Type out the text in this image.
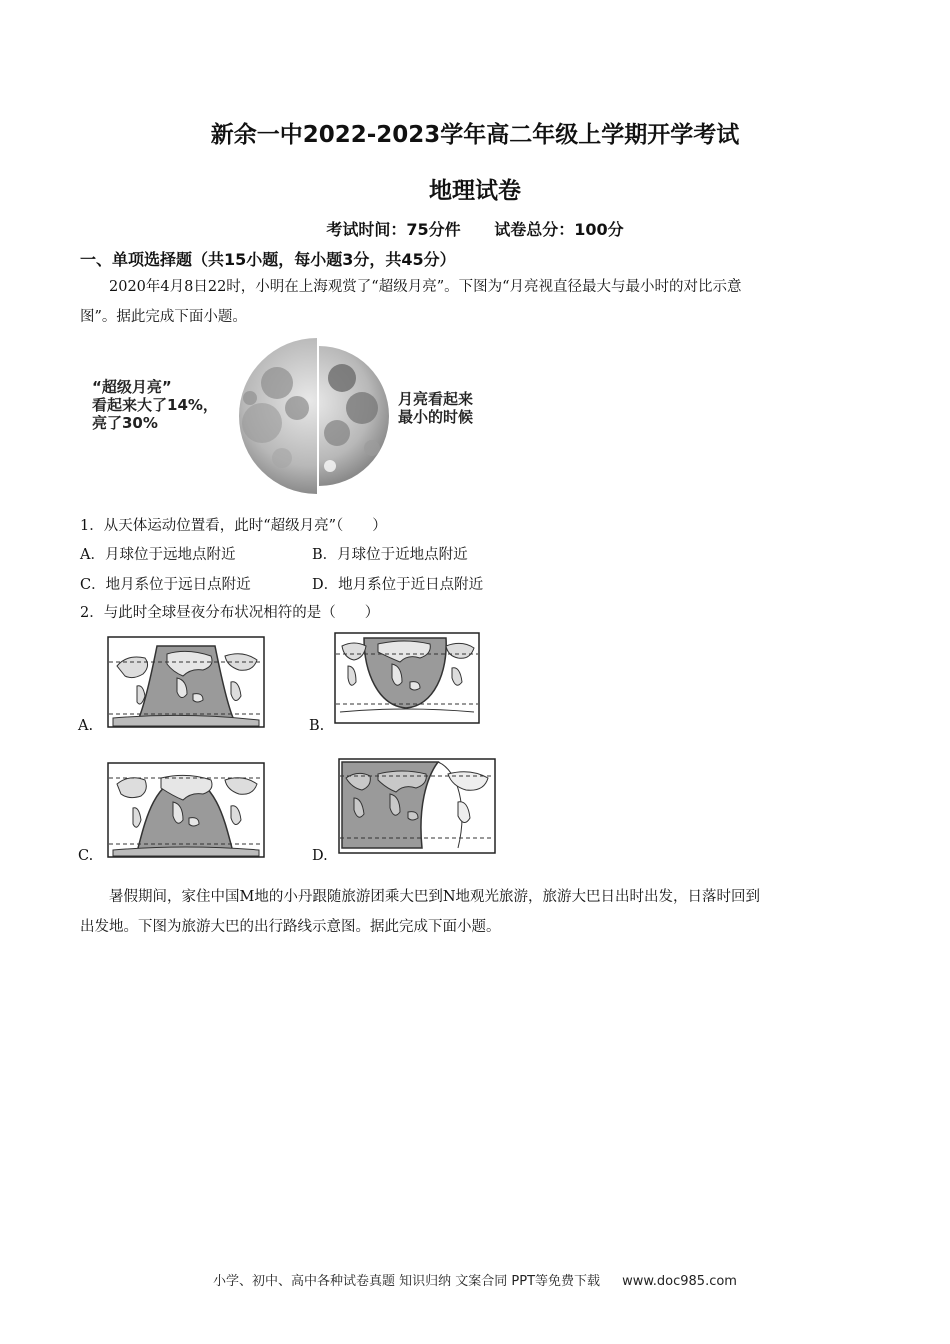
新余一中2022-2023学年高二年级上学期开学考试
地理试卷
考试时间：75分件 试卷总分：100分
一、单项选择题（共15小题，每小题3分，共45分）
2020年4月8日22时，小明在上海观赏了“超级月亮”。下图为“月亮视直径最大与最小时的对比示意
图”。据此完成下面小题。
“超级月亮”
看起来大了14%，
亮了30%
月亮看起来
最小的时候
1．从天体运动位置看，此时“超级月亮”（　　）
A．月球位于远地点附近	B．月球位于近地点附近
C．地月系位于远日点附近	D．地月系位于近日点附近
2．与此时全球昼夜分布状况相符的是（　　）
A.	B.
C.	D.
暑假期间，家住中国M地的小丹跟随旅游团乘大巴到N地观光旅游，旅游大巴日出时出发，日落时回到
出发地。下图为旅游大巴的出行路线示意图。据此完成下面小题。
小学、初中、高中各种试卷真题 知识归纳 文案合同 PPT等免费下载 www.doc985.com
